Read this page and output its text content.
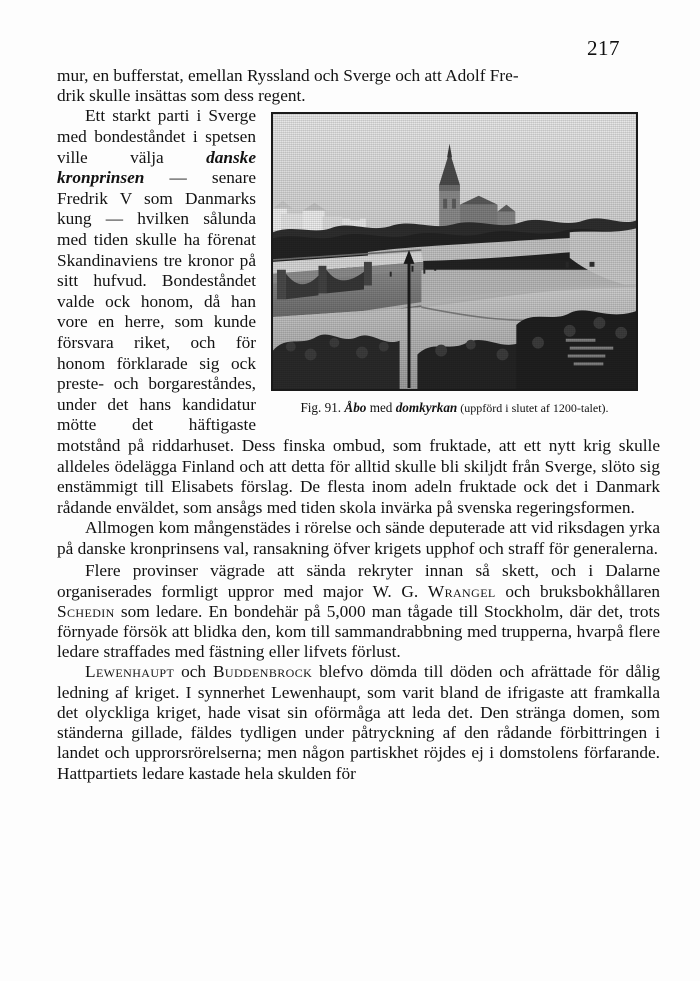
217

mur, en bufferstat, emellan Ryssland och Sverge och att Adolf Fre-

drik skulle insättas som dess regent.

Fig. 91. Åbo med domkyrkan (uppförd i slutet af 1200-talet).

Ett starkt parti i Sverge med bondeståndet i spetsen ville välja danske kronprinsen — senare Fredrik V som Danmarks kung — hvilken sålunda med tiden skulle ha förenat Skandinaviens tre kronor på sitt hufvud. Bondeståndet valde ock honom, då han vore en herre, som kunde försvara riket, och för honom förklarade sig ock preste- och borgareståndes, under det hans kandidatur mötte det häftigaste motstånd på riddarhuset. Dess finska ombud, som fruktade, att ett nytt krig skulle alldeles ödelägga Finland och att detta för alltid skulle bli skiljdt från Sverge, slöto sig enstämmigt till Elisabets förslag. De flesta inom adeln fruktade ock det i Danmark rådande enväldet, som ansågs med tiden skola invärka på svenska regeringsformen.

Allmogen kom mångenstädes i rörelse och sände deputerade att vid riksdagen yrka på danske kronprinsens val, ransakning öfver krigets upphof och straff för generalerna.

Flere provinser vägrade att sända rekryter innan så skett, och i Dalarne organiserades formligt uppror med major W. G. Wrangel och bruksbokhållaren Schedin som ledare. En bondehär på 5,000 man tågade till Stockholm, där det, trots förnyade försök att blidka den, kom till sammandrabbning med trupperna, hvarpå flere ledare straffades med fästning eller lifvets förlust.

Lewenhaupt och Buddenbrock blefvo dömda till döden och afrättade för dålig ledning af kriget. I synnerhet Lewenhaupt, som varit bland de ifrigaste att framkalla det olyckliga kriget, hade visat sin oförmåga att leda det. Den stränga domen, som ständerna gillade, fäldes tydligen under påtryckning af den rådande förbittringen i landet och upprorsrörelserna; men någon partiskhet röjdes ej i domstolens förfarande. Hattpartiets ledare kastade hela skulden för
